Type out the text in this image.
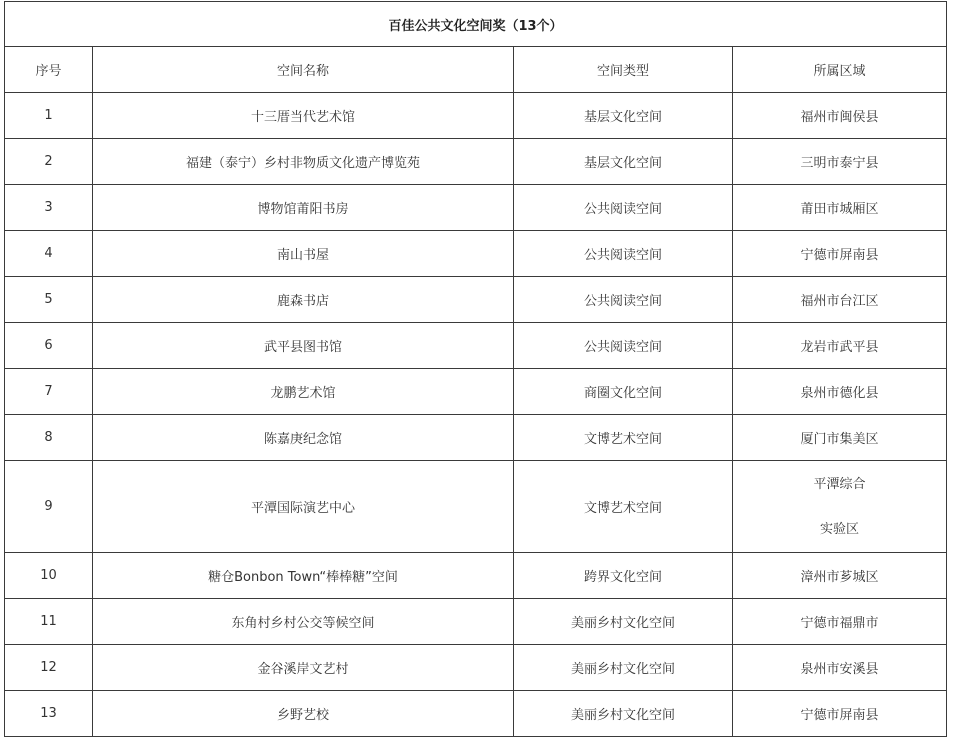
百佳公共文化空间奖（13个）			
序号	空间名称	空间类型	所属区域
1	十三厝当代艺术馆	基层文化空间	福州市闽侯县
2	福建（泰宁）乡村非物质文化遗产博览苑	基层文化空间	三明市泰宁县
3	博物馆莆阳书房	公共阅读空间	莆田市城厢区
4	南山书屋	公共阅读空间	宁德市屏南县
5	鹿森书店	公共阅读空间	福州市台江区
6	武平县图书馆	公共阅读空间	龙岩市武平县
7	龙鹏艺术馆	商圈文化空间	泉州市德化县
8	陈嘉庚纪念馆	文博艺术空间	厦门市集美区
9	平潭国际演艺中心	文博艺术空间	平潭综合
实验区

10	糖仓Bonbon Town“棒棒糖”空间	跨界文化空间	漳州市芗城区
11	东角村乡村公交等候空间	美丽乡村文化空间	宁德市福鼎市
12	金谷溪岸文艺村	美丽乡村文化空间	泉州市安溪县
13	乡野艺校	美丽乡村文化空间	宁德市屏南县
